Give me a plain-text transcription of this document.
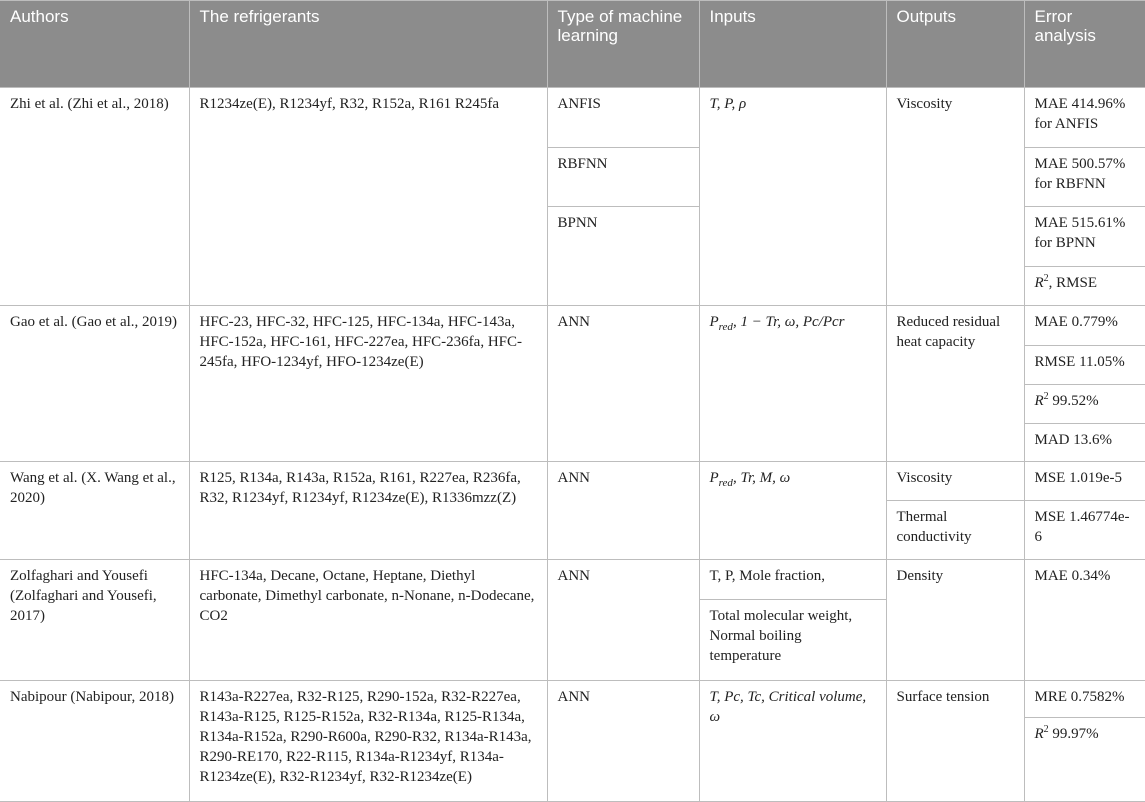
Authors	The refrigerants	Type of machine learning	Inputs	Outputs	Error analysis
Zhi et al. (Zhi et al., 2018)	R1234ze(E), R1234yf, R32, R152a, R161 R245fa	ANFIS	T, P, ρ	Viscosity	MAE 414.96% for ANFIS
		RBFNN			MAE 500.57% for RBFNN
		BPNN			MAE 515.61% for BPNN
					$R^2$, RMSE
Gao et al. (Gao et al., 2019)	HFC-23, HFC-32, HFC-125, HFC-134a, HFC-143a, HFC-152a, HFC-161, HFC-227ea, HFC-236fa, HFC-245fa, HFO-1234yf, HFO-1234ze(E)	ANN	$P_{red}$, 1 − Tr, ω, Pc/Pcr	Reduced residual heat capacity	MAE 0.779%
					RMSE 11.05%
					$R^2$ 99.52%
					MAD 13.6%
Wang et al. (X. Wang et al., 2020)	R125, R134a, R143a, R152a, R161, R227ea, R236fa, R32, R1234yf, R1234yf, R1234ze(E), R1336mzz(Z)	ANN	$P_{red}$, Tr, M, ω	Viscosity	MSE 1.019e-5
				Thermal conductivity	MSE 1.46774e-6
Zolfaghari and Yousefi (Zolfaghari and Yousefi, 2017)	HFC-134a, Decane, Octane, Heptane, Diethyl carbonate, Dimethyl carbonate, n-Nonane, n-Dodecane, CO2	ANN	T, P, Mole fraction,	Density	MAE 0.34%
			Total molecular weight, Normal boiling temperature		
Nabipour (Nabipour, 2018)	R143a-R227ea, R32-R125, R290-152a, R32-R227ea, R143a-R125, R125-R152a, R32-R134a, R125-R134a, R134a-R152a, R290-R600a, R290-R32, R134a-R143a, R290-RE170, R22-R115, R134a-R1234yf, R134a-R1234ze(E), R32-R1234yf, R32-R1234ze(E)	ANN	T, Pc, Tc, Critical volume, ω	Surface tension	MRE 0.7582%
					$R^2$ 99.97%
